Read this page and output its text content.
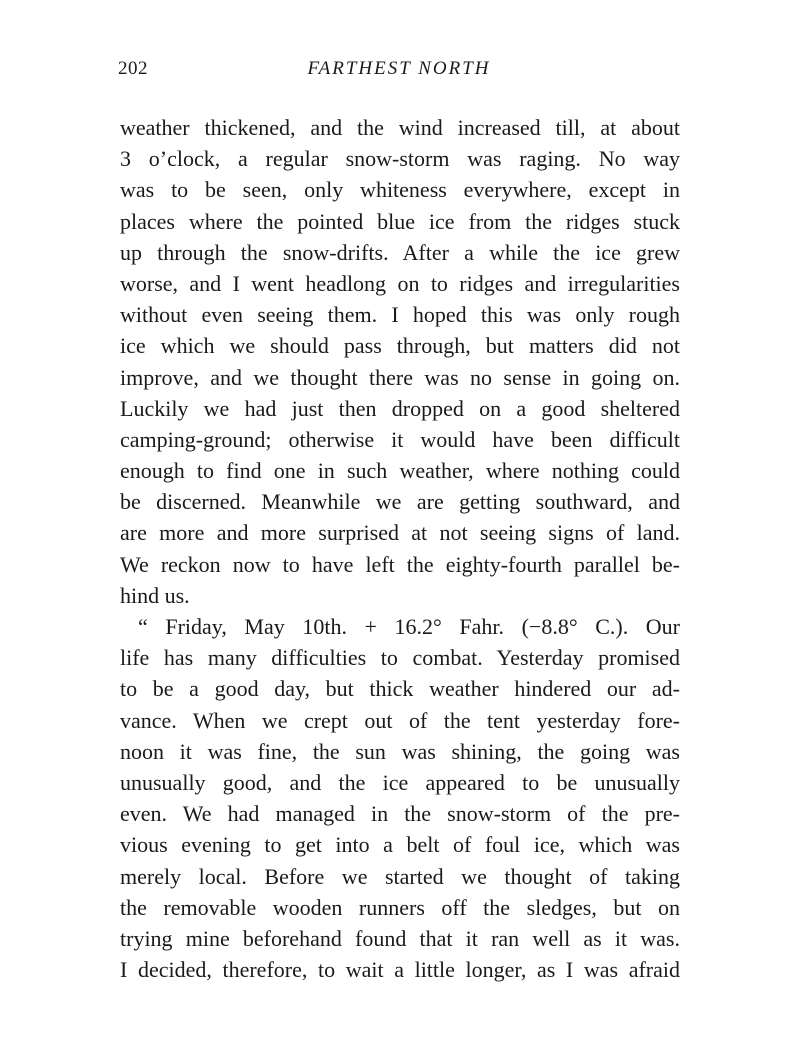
202	FARTHEST NORTH
weather thickened, and the wind increased till, at about
3 o’clock, a regular snow-storm was raging. No way
was to be seen, only whiteness everywhere, except in
places where the pointed blue ice from the ridges stuck
up through the snow-drifts. After a while the ice grew
worse, and I went headlong on to ridges and irregularities
without even seeing them. I hoped this was only rough
ice which we should pass through, but matters did not
improve, and we thought there was no sense in going on.
Luckily we had just then dropped on a good sheltered
camping-ground; otherwise it would have been difficult
enough to find one in such weather, where nothing could
be discerned. Meanwhile we are getting southward, and
are more and more surprised at not seeing signs of land.
We reckon now to have left the eighty-fourth parallel be-
hind us.
“ Friday, May 10th. + 16.2° Fahr. (−8.8° C.). Our
life has many difficulties to combat. Yesterday promised
to be a good day, but thick weather hindered our ad-
vance. When we crept out of the tent yesterday fore-
noon it was fine, the sun was shining, the going was
unusually good, and the ice appeared to be unusually
even. We had managed in the snow-storm of the pre-
vious evening to get into a belt of foul ice, which was
merely local. Before we started we thought of taking
the removable wooden runners off the sledges, but on
trying mine beforehand found that it ran well as it was.
I decided, therefore, to wait a little longer, as I was afraid
